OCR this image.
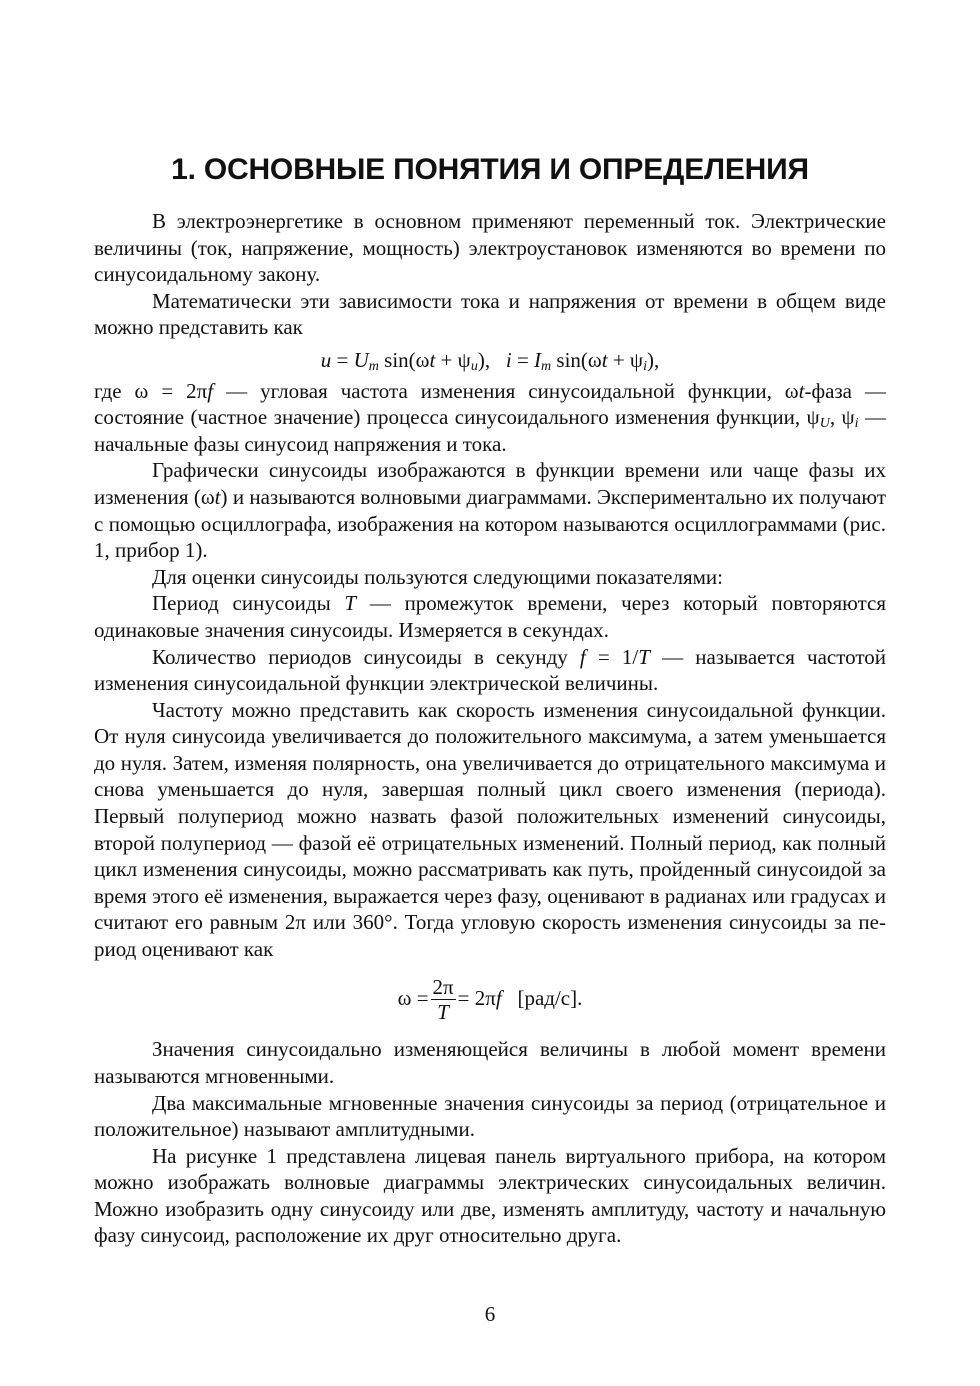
1. ОСНОВНЫЕ ПОНЯТИЯ И ОПРЕДЕЛЕНИЯ

В электроэнергетике в основном применяют переменный ток. Электрические величины (ток, напряжение, мощность) электроустановок изменяются во времени по синусоидальному закону.

Математически эти зависимости тока и напряжения от времени в общем виде можно представить как

$u = U_m$ $\sin(\omega t + \psi_u)$, $i = I_m$ $\sin(\omega t + \psi_i)$,

где ω = 2πf — угловая частота изменения синусоидальной функции, ωt-фаза — состояние (частное значение) процесса синусоидального изменения функции, $\psi_U$, $\psi_i$ — начальные фазы синусоид напряжения и тока.

Графически синусоиды изображаются в функции времени или чаще фазы их изменения (ωt) и называются волновыми диаграммами. Экспериментально их получают с помощью осциллографа, изображения на котором называются осциллограммами (рис. 1, прибор 1).

Для оценки синусоиды пользуются следующими показателями:

Период синусоиды T — промежуток времени, через который повторяются одинаковые значения синусоиды. Измеряется в секундах.

Количество периодов синусоиды в секунду f = 1/T — называется частотой изменения синусоидальной функции электрической величины.

Частоту можно представить как скорость изменения синусоидальной функции. От нуля синусоида увеличивается до положительного максимума, а затем уменьшается до нуля. Затем, изменяя полярность, она увеличивается до отрицательного максимума и снова уменьшается до нуля, завершая полный цикл своего изменения (периода). Первый полупериод можно назвать фазой положительных изменений синусоиды, второй полупериод — фазой её отрицательных изменений. Полный период, как полный цикл изменения синусоиды, можно рассматривать как путь, пройденный синусоидой за время этого её изменения, выражается через фазу, оценивают в радианах или градусах и считают его равным 2π или 360°. Тогда угловую скорость изменения синусоиды за период оценивают как

$\omega = \frac{2\pi}{T} = 2\pi f$ [рад/с].

Значения синусоидально изменяющейся величины в любой момент времени называются мгновенными.

Два максимальные мгновенные значения синусоиды за период (отрицательное и положительное) называют амплитудными.

На рисунке 1 представлена лицевая панель виртуального прибора, на котором можно изображать волновые диаграммы электрических синусоидальных величин. Можно изобразить одну синусоиду или две, изменять амплитуду, частоту и начальную фазу синусоид, расположение их друг относительно друга.

6
